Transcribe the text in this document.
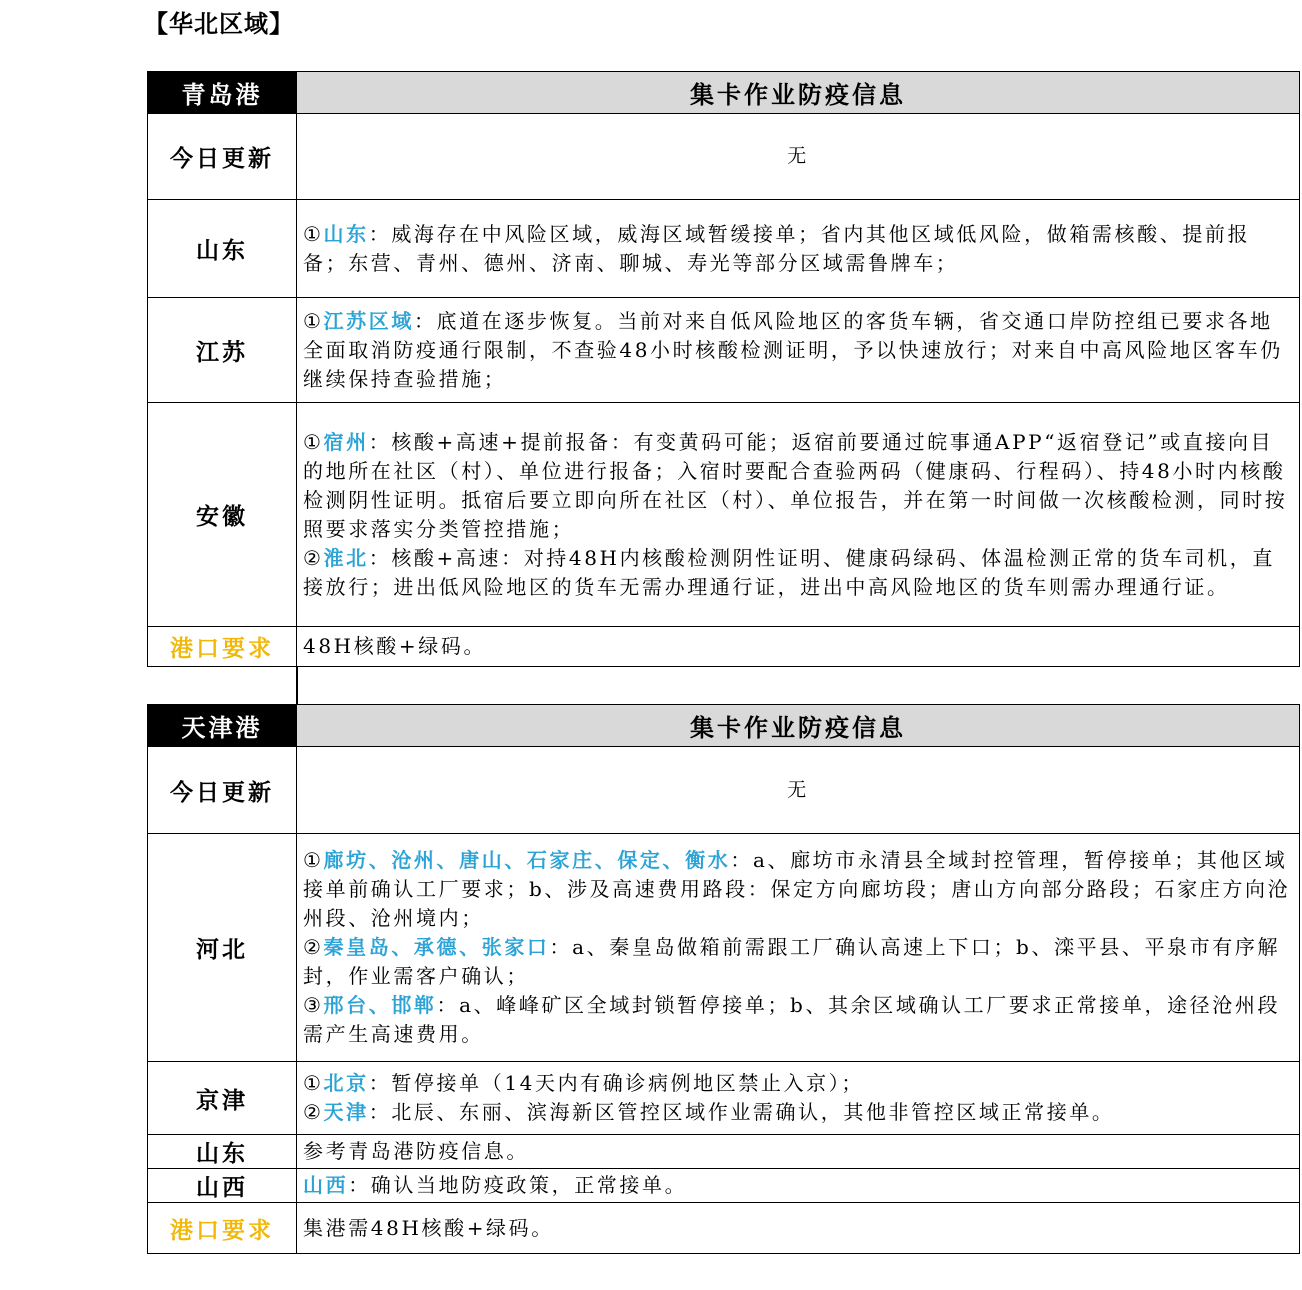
【华北区域】
青岛港	集卡作业防疫信息
今日更新	无
山东	①山东：威海存在中风险区域，威海区域暂缓接单；省内其他区域低风险，做箱需核酸、提前报备；东营、青州、德州、济南、聊城、寿光等部分区域需鲁牌车；

江苏	①江苏区域：底道在逐步恢复。当前对来自低风险地区的客货车辆，省交通口岸防控组已要求各地全面取消防疫通行限制，不查验48小时核酸检测证明，予以快速放行；对来自中高风险地区客车仍继续保持查验措施；

安徽	①宿州：核酸+高速+提前报备：有变黄码可能；返宿前要通过皖事通APP“返宿登记”或直接向目的地所在社区（村）、单位进行报备；入宿时要配合查验两码（健康码、行程码）、持48小时内核酸检测阴性证明。抵宿后要立即向所在社区（村）、单位报告，并在第一时间做一次核酸检测，同时按照要求落实分类管控措施；
②淮北：核酸+高速：对持48H内核酸检测阴性证明、健康码绿码、体温检测正常的货车司机，直接放行；进出低风险地区的货车无需办理通行证，进出中高风险地区的货车则需办理通行证。

港口要求	48H核酸+绿码。
天津港	集卡作业防疫信息
今日更新	无
河北	①廊坊、沧州、唐山、石家庄、保定、衡水：a、廊坊市永清县全域封控管理，暂停接单；其他区域接单前确认工厂要求；b、涉及高速费用路段：保定方向廊坊段；唐山方向部分路段；石家庄方向沧州段、沧州境内；
②秦皇岛、承德、张家口：a、秦皇岛做箱前需跟工厂确认高速上下口；b、滦平县、平泉市有序解封，作业需客户确认；
③邢台、邯郸：a、峰峰矿区全域封锁暂停接单；b、其余区域确认工厂要求正常接单，途径沧州段需产生高速费用。

京津	①北京：暂停接单（14天内有确诊病例地区禁止入京）；
②天津：北辰、东丽、滨海新区管控区域作业需确认，其他非管控区域正常接单。

山东	参考青岛港防疫信息。

山西	山西：确认当地防疫政策，正常接单。

港口要求	集港需48H核酸+绿码。
